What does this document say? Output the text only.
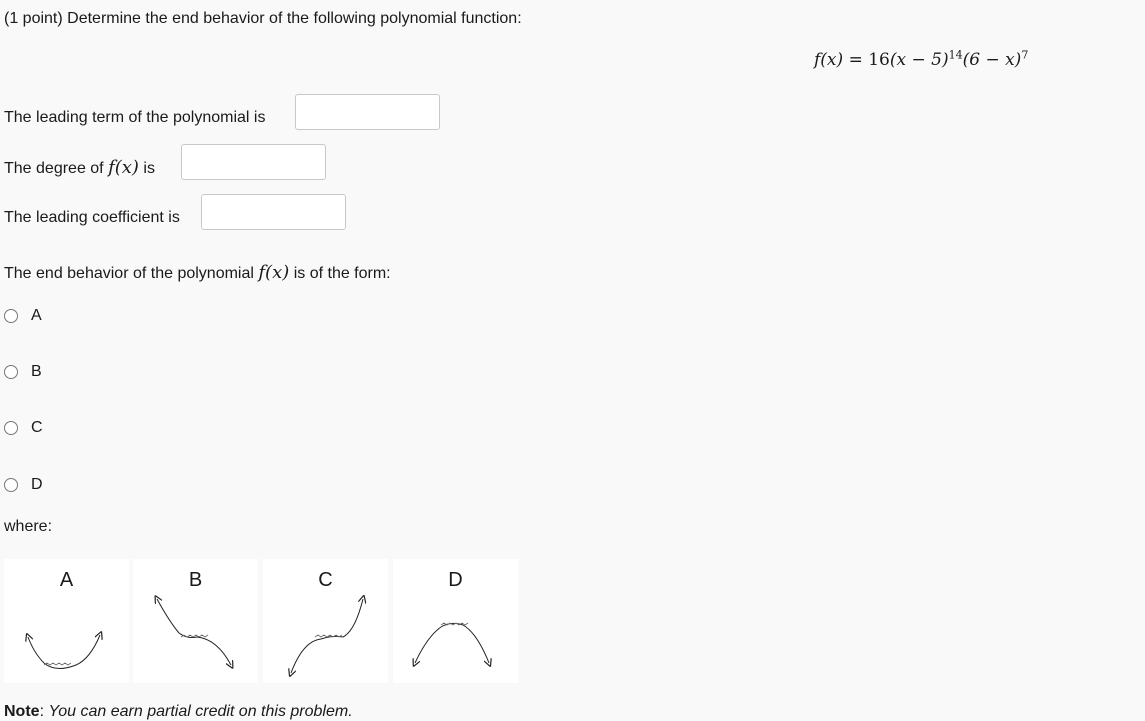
(1 point) Determine the end behavior of the following polynomial function:
$f(x) = 16(x - 5)^{14}(6 - x)^7$
The leading term of the polynomial is
The degree of f(x) is
The leading coefficient is
The end behavior of the polynomial f(x) is of the form:
A
B
C
D
where:
A	B	C	D
Note: You can earn partial credit on this problem.
